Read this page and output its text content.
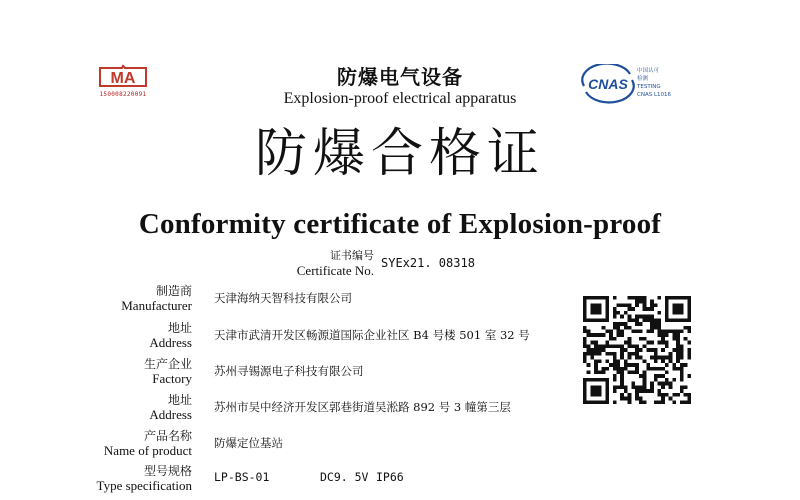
MA
150008220091
CNAS
中国认可
检测
TESTING
CNAS L1016
防爆电气设备
Explosion-proof electrical apparatus
防爆合格证
Conformity certificate of Explosion-proof
证书编号
Certificate No. SYEx21. 08318
制造商
Manufacturer 天津海纳天智科技有限公司
地址
Address 天津市武清开发区畅源道国际企业社区 B4 号楼 501 室 32 号
生产企业
Factory 苏州寻锡源电子科技有限公司
地址
Address 苏州市吴中经济开发区郭巷街道吴淞路 892 号 3 幢第三层
产品名称
Name of product 防爆定位基站
型号规格
Type specification
LP-BS-01	DC9. 5V IP66
